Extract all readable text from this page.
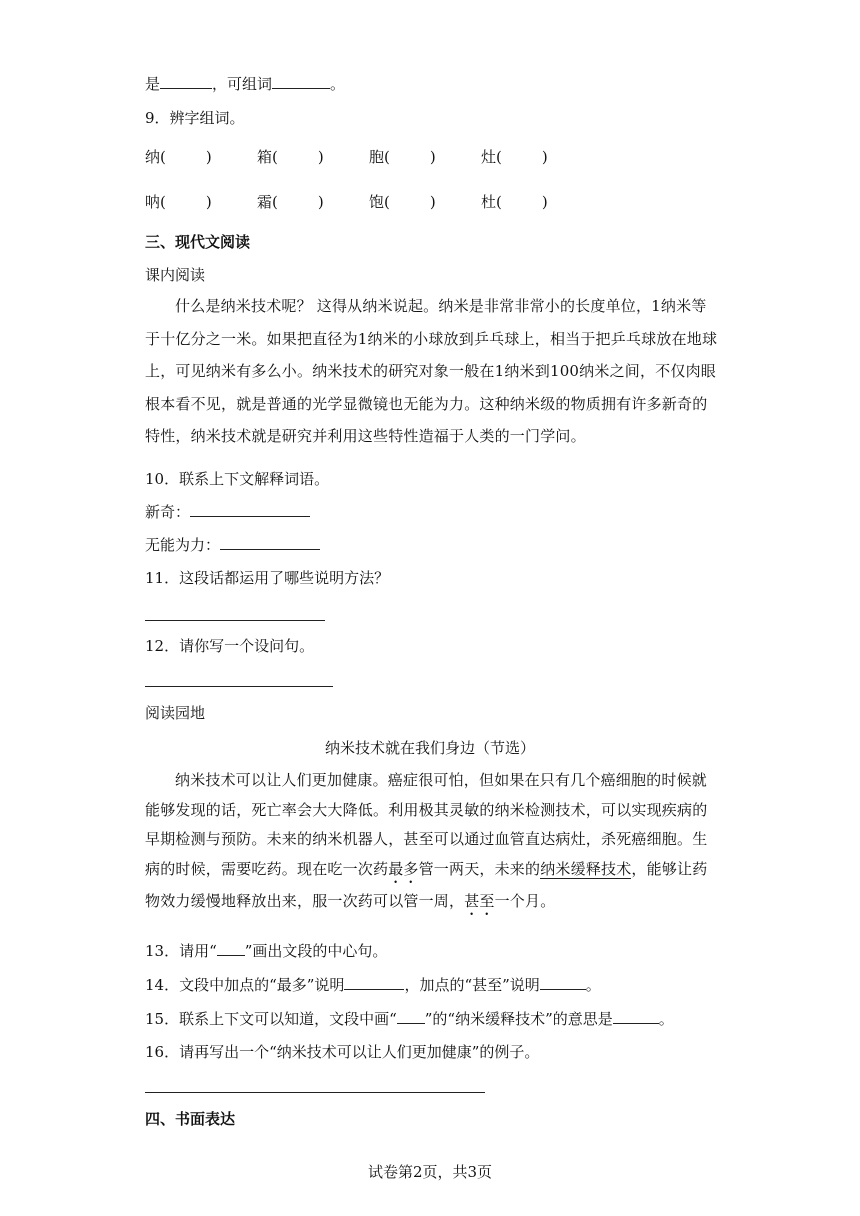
是	，可组词	。
9．辨字组词。
纳(	)	箱(	)	胞(	)	灶(	)
呐(	)	霜(	)	饱(	)	杜(	)
三、现代文阅读
课内阅读

什么是纳米技术呢？ 这得从纳米说起。纳米是非常非常小的长度单位，1纳米等于十亿分之一米。如果把直径为1纳米的小球放到乒乓球上，相当于把乒乓球放在地球上，可见纳米有多么小。纳米技术的研究对象一般在1纳米到100纳米之间，不仅肉眼根本看不见，就是普通的光学显微镜也无能为力。这种纳米级的物质拥有许多新奇的特性，纳米技术就是研究并利用这些特性造福于人类的一门学问。

10．联系上下文解释词语。
新奇：
无能为力：
11．这段话都运用了哪些说明方法？
12．请你写一个设问句。
阅读园地
纳米技术就在我们身边（节选）

纳米技术可以让人们更加健康。癌症很可怕，但如果在只有几个癌细胞的时候就能够发现的话，死亡率会大大降低。利用极其灵敏的纳米检测技术，可以实现疾病的早期检测与预防。未来的纳米机器人，甚至可以通过血管直达病灶，杀死癌细胞。生病的时候，需要吃药。现在吃一次药最多管一两天，未来的纳米缓释技术，能够让药物效力缓慢地释放出来，服一次药可以管一周，甚至一个月。

13．请用“ ”画出文段的中心句。
14．文段中加点的“最多”说明	，加点的“甚至”说明	。
15．联系上下文可以知道，文段中画“ ”的“纳米缓释技术”的意思是	。
16．请再写出一个“纳米技术可以让人们更加健康”的例子。
四、书面表达
试卷第2页，共3页
